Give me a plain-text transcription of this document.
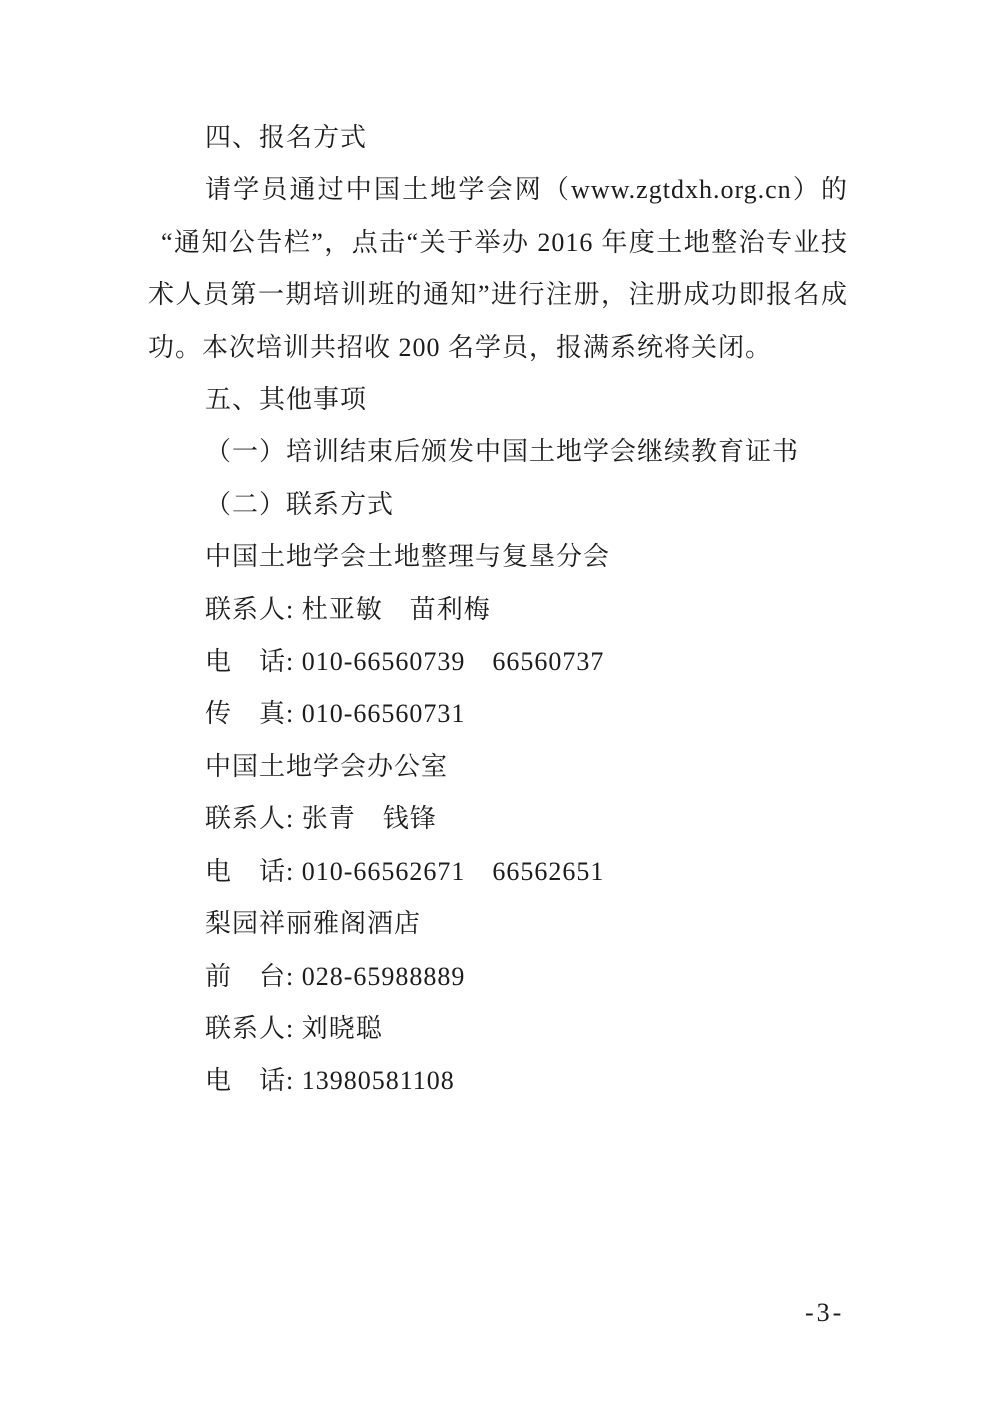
四、报名方式
请学员通过中国土地学会网（www.zgtdxh.org.cn）的
“通知公告栏”，点击“关于举办 2016 年度土地整治专业技
术人员第一期培训班的通知”进行注册，注册成功即报名成
功。本次培训共招收 200 名学员，报满系统将关闭。
五、其他事项
（一）培训结束后颁发中国土地学会继续教育证书
（二）联系方式
中国土地学会土地整理与复垦分会
联系人: 杜亚敏　苗利梅
电　话: 010-66560739　66560737
传　真: 010-66560731
中国土地学会办公室
联系人: 张青　钱锋
电　话: 010-66562671　66562651
梨园祥丽雅阁酒店
前　台: 028-65988889
联系人: 刘晓聪
电　话: 13980581108
-3-
